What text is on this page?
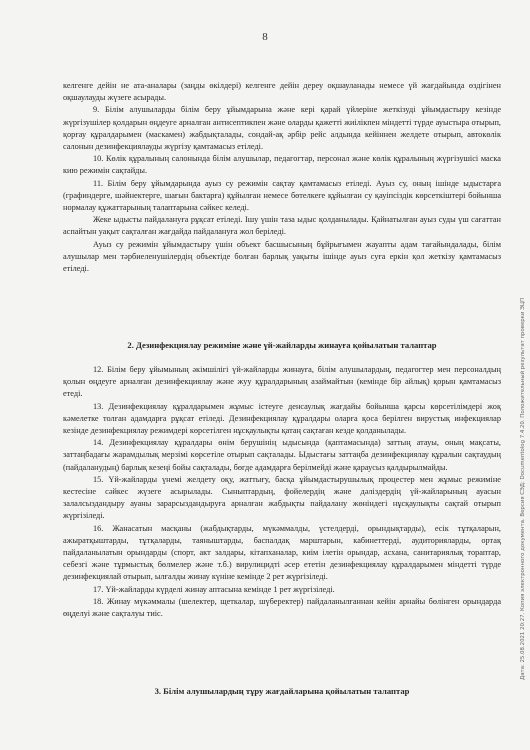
8

келгенге дейін не ата-аналары (заңды өкілдері) келгенге дейін дереу оқшауланады немесе үй жағдайында өздігінен оқшаулауды жүзеге асырады.

9. Білім алушыларды білім беру ұйымдарына және кері қарай үйлеріне жеткізуді ұйымдастыру кезінде жүргізушілер қолдарын өңдеуге арналған антисептикпен және оларды қажетті жиілікпен міндетті түрде ауыстыра отырып, қорғау құралдарымен (маскамен) жабдықталады, сондай-ақ әрбір рейс алдында кейіннен желдете отырып, автокөлік салонын дезинфекциялауды жүргізу қамтамасыз етіледі.

10. Көлік құралының салонында білім алушылар, педагогтар, персонал және көлік құралының жүргізушісі маска кию режимін сақтайды.

11. Білім беру ұйымдарында ауыз су режимін сақтау қамтамасыз етіледі. Ауыз су, оның ішінде ыдыстарға (графиндерге, шәйнектерге, шағын бактарға) құйылған немесе бөтелкеге құйылған су қауіпсіздік көрсеткіштері бойынша нормалау құжаттарының талаптарына сәйкес келеді.

Жеке ыдысты пайдалануға рұқсат етіледі. Ішу үшін таза ыдыс қолданылады. Қайнатылған ауыз суды үш сағаттан аспайтын уақыт сақталған жағдайда пайдалануға жол беріледі.

Ауыз су режимін ұйымдастыру үшін объект басшысының бұйрығымен жауапты адам тағайындалады, білім алушылар мен тәрбиеленушілердің объектіде болған барлық уақыты ішінде ауыз суға еркін қол жеткізу қамтамасыз етіледі.

2. Дезинфекциялау режиміне және үй-жайларды жинауға қойылатын талаптар

12. Білім беру ұйымының әкімшілігі үй-жайларды жинауға, білім алушылардың, педагогтер мен персоналдың қолын өңдеуге арналған дезинфекциялау және жуу құралдарының азаймайтын (кемінде бір айлық) қорын қамтамасыз етеді.

13. Дезинфекциялау құралдарымен жұмыс істеуге денсаулық жағдайы бойынша қарсы көрсетілімдері жоқ кәмелетке толған адамдарға рұқсат етіледі. Дезинфекциялау құралдары оларға қоса берілген вирустық инфекциялар кезінде дезинфекциялау режимдері көрсетілген нұсқаулықты қатаң сақтаған кезде қолданылады.

14. Дезинфекциялау құралдары өнім берушінің ыдысында (қаптамасында) заттың атауы, оның мақсаты, заттаңбадағы жарамдылық мерзімі көрсетіле отырып сақталады. Ыдыстағы заттаңба дезинфекциялау құралын сақтаудың (пайдаланудың) барлық кезеңі бойы сақталады, бөгде адамдарға берілмейді және қараусыз қалдырылмайды.

15. Үй-жайларды үнемі желдету оқу, жаттығу, басқа ұйымдастырушылық процестер мен жұмыс режиміне кестесіне сәйкес жүзеге асырылады. Сыныптардың, фойелердің және дәліздердің үй-жайларының ауасын залалсыздандыру ауаны зарарсыздандыруға арналған жабдықты пайдалану жөніндегі нұсқаулықты сақтай отырып жүргізіледі.

16. Жанасатын масқаны (жабдықтарды, мүкәммалды, үстелдерді, орындықтарды), есік тұтқаларын, ажыратқыштарды, тұтқаларды, таяныштарды, баспалдақ марштарын, кабинеттерді, аудиторияларды, ортақ пайдаланылатын орындарды (спорт, акт залдары, кітапханалар, киім ілетін орындар, асхана, санитариялық торaптар, себезгі және тұрмыстық бөлмелер және т.б.) вирулицидті әсер ететін дезинфекциялау құралдарымен міндетті түрде дезинфекциялай отырып, ылғалды жинау күніне кемінде 2 рет жүргізіледі.

17. Үй-жайларды күрделі жинау аптасына кемінде 1 рет жүргізіледі.

18. Жинау мүкәммалы (шелектер, щеткалар, шүберектер) пайдаланылғаннан кейін арнайы бөлінген орындарда өңделуі және сақталуы тиіс.

3. Білім алушылардың тұру жағдайларына қойылатын талаптар
Дата: 25.08.2021 20:27. Копия электронного документа. Версия СЭД: Documentolog 7.4.20. Положительный результат проверки ЭЦП
